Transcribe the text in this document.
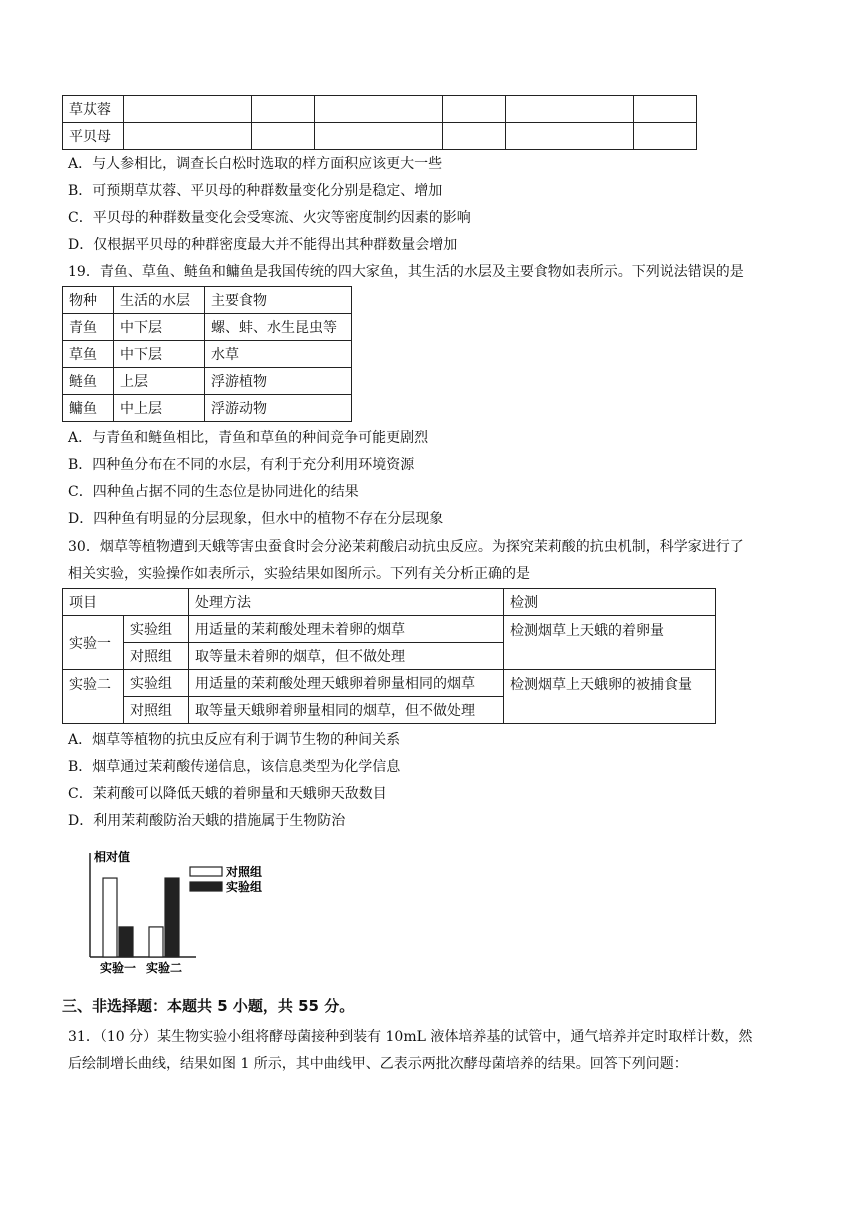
草苁蓉						
平贝母						
A．与人参相比，调查长白松时选取的样方面积应该更大一些
B．可预期草苁蓉、平贝母的种群数量变化分别是稳定、增加
C．平贝母的种群数量变化会受寒流、火灾等密度制约因素的影响
D．仅根据平贝母的种群密度最大并不能得出其种群数量会增加
19．青鱼、草鱼、鲢鱼和鳙鱼是我国传统的四大家鱼，其生活的水层及主要食物如表所示。下列说法错误的是
物种	生活的水层	主要食物
青鱼	中下层	螺、蚌、水生昆虫等
草鱼	中下层	水草
鲢鱼	上层	浮游植物
鳙鱼	中上层	浮游动物
A．与青鱼和鲢鱼相比，青鱼和草鱼的种间竞争可能更剧烈
B．四种鱼分布在不同的水层，有利于充分利用环境资源
C．四种鱼占据不同的生态位是协同进化的结果
D．四种鱼有明显的分层现象，但水中的植物不存在分层现象
30．烟草等植物遭到天蛾等害虫蚕食时会分泌茉莉酸启动抗虫反应。为探究茉莉酸的抗虫机制，科学家进行了
相关实验，实验操作如表所示，实验结果如图所示。下列有关分析正确的是
项目		处理方法	检测
实验一	实验组	用适量的茉莉酸处理未着卵的烟草	检测烟草上天蛾的着卵量
	对照组	取等量未着卵的烟草，但不做处理	
实验二	实验组	用适量的茉莉酸处理天蛾卵着卵量相同的烟草	检测烟草上天蛾卵的被捕食量
	对照组	取等量天蛾卵着卵量相同的烟草，但不做处理	
A．烟草等植物的抗虫反应有利于调节生物的种间关系
B．烟草通过茉莉酸传递信息，该信息类型为化学信息
C．茉莉酸可以降低天蛾的着卵量和天蛾卵天敌数目
D．利用茉莉酸防治天蛾的措施属于生物防治
相对值
对照组
实验组
实验一 实验二
三、非选择题：本题共 5 小题，共 55 分。
31．（10 分）某生物实验小组将酵母菌接种到装有 10mL 液体培养基的试管中，通气培养并定时取样计数，然
后绘制增长曲线，结果如图 1 所示，其中曲线甲、乙表示两批次酵母菌培养的结果。回答下列问题：
